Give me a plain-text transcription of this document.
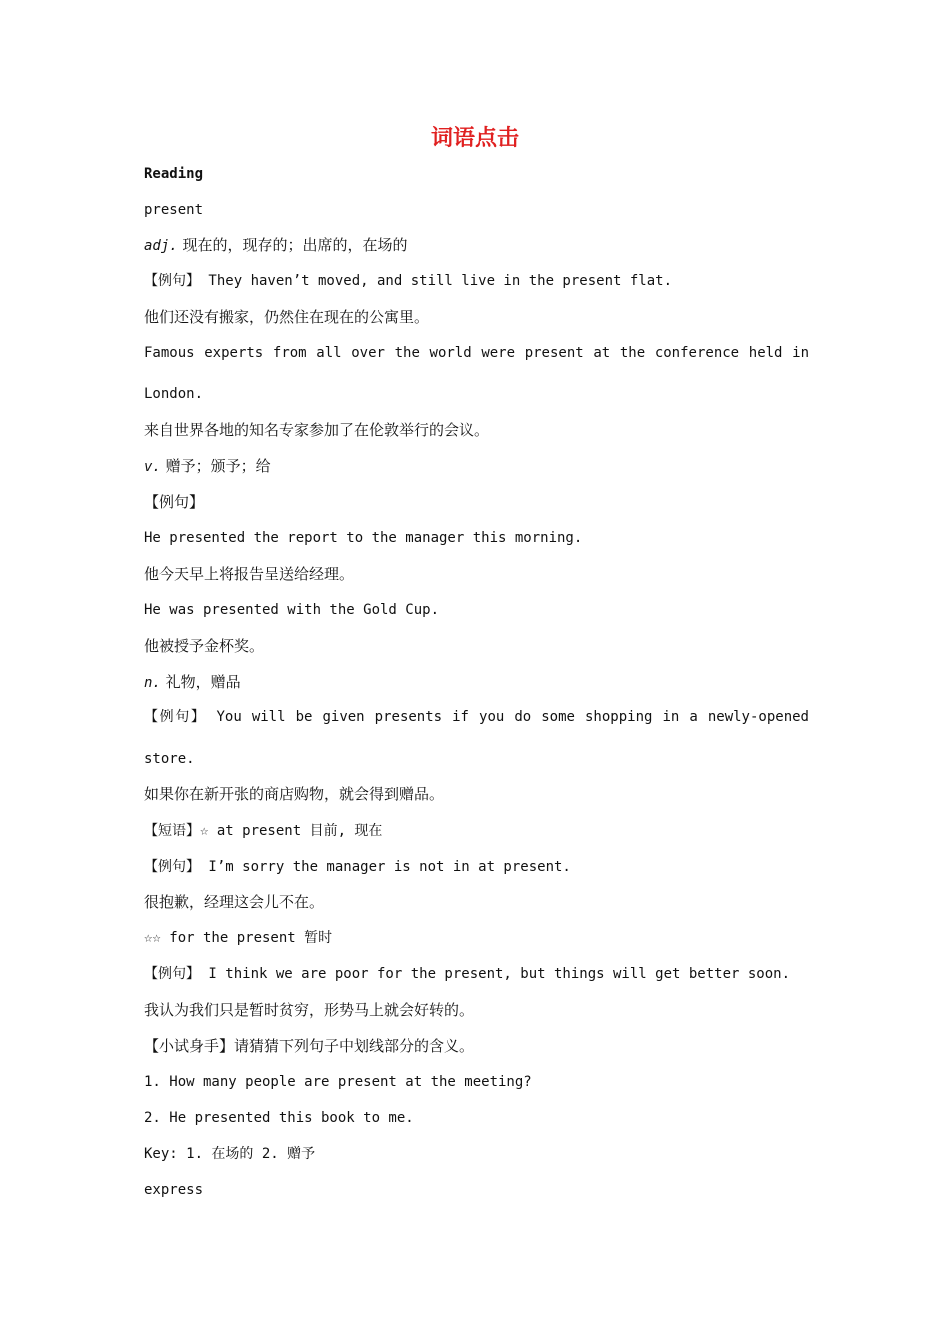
词语点击
Reading
present
adj. 现在的，现存的；出席的，在场的
【例句】 They haven’t moved, and still live in the present flat.
他们还没有搬家，仍然住在现在的公寓里。
Famous experts from all over the world were present at the conference held in
London.
来自世界各地的知名专家参加了在伦敦举行的会议。
v. 赠予；颁予；给
【例句】
He presented the report to the manager this morning.
他今天早上将报告呈送给经理。
He was presented with the Gold Cup.
他被授予金杯奖。
n. 礼物，赠品
【例句】 You will be given presents if you do some shopping in a newly-opened
store.
如果你在新开张的商店购物，就会得到赠品。
【短语】☆ at present 目前, 现在
【例句】 I’m sorry the manager is not in at present.
很抱歉，经理这会儿不在。
☆☆ for the present 暂时
【例句】 I think we are poor for the present, but things will get better soon.
我认为我们只是暂时贫穷，形势马上就会好转的。
【小试身手】请猜猜下列句子中划线部分的含义。
1. How many people are present at the meeting?
2. He presented this book to me.
Key: 1. 在场的 2. 赠予
express
